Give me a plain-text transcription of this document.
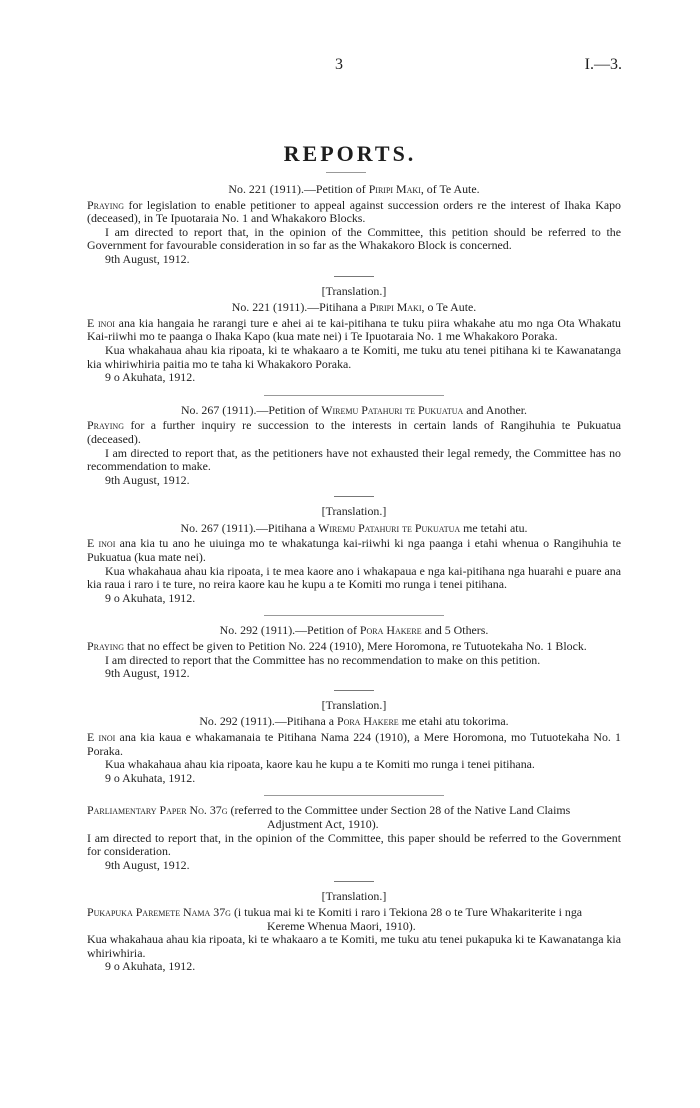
3	I.—3.
REPORTS.

No. 221 (1911).—Petition of Piripi Maki, of Te Aute.

Praying for legislation to enable petitioner to appeal against succession orders re the interest of Ihaka Kapo (deceased), in Te Ipuotaraia No. 1 and Whakakoro Blocks.

I am directed to report that, in the opinion of the Committee, this petition should be referred to the Government for favourable consideration in so far as the Whakakoro Block is concerned.

9th August, 1912.

[Translation.]

No. 221 (1911).—Pitihana a Piripi Maki, o Te Aute.

E inoi ana kia hangaia he rarangi ture e ahei ai te kai-pitihana te tuku piira whakahe atu mo nga Ota Whakatu Kai-riiwhi mo te paanga o Ihaka Kapo (kua mate nei) i Te Ipuotaraia No. 1 me Whakakoro Poraka.

Kua whakahaua ahau kia ripoata, ki te whakaaro a te Komiti, me tuku atu tenei pitihana ki te Kawanatanga kia whiriwhiria paitia mo te taha ki Whakakoro Poraka.

9 o Akuhata, 1912.

No. 267 (1911).—Petition of Wiremu Patahuri te Pukuatua and Another.

Praying for a further inquiry re succession to the interests in certain lands of Rangihuhia te Pukuatua (deceased).

I am directed to report that, as the petitioners have not exhausted their legal remedy, the Committee has no recommendation to make.

9th August, 1912.

[Translation.]

No. 267 (1911).—Pitihana a Wiremu Patahuri te Pukuatua me tetahi atu.

E inoi ana kia tu ano he uiuinga mo te whakatunga kai-riiwhi ki nga paanga i etahi whenua o Rangihuhia te Pukuatua (kua mate nei).

Kua whakahaua ahau kia ripoata, i te mea kaore ano i whakapaua e nga kai-pitihana nga huarahi e puare ana kia raua i raro i te ture, no reira kaore kau he kupu a te Komiti mo runga i tenei pitihana.

9 o Akuhata, 1912.

No. 292 (1911).—Petition of Pora Hakere and 5 Others.

Praying that no effect be given to Petition No. 224 (1910), Mere Horomona, re Tutuotekaha No. 1 Block.

I am directed to report that the Committee has no recommendation to make on this petition.

9th August, 1912.

[Translation.]

No. 292 (1911).—Pitihana a Pora Hakere me etahi atu tokorima.

E inoi ana kia kaua e whakamanaia te Pitihana Nama 224 (1910), a Mere Horomona, mo Tutuotekaha No. 1 Poraka.

Kua whakahaua ahau kia ripoata, kaore kau he kupu a te Komiti mo runga i tenei pitihana.

9 o Akuhata, 1912.

Parliamentary Paper No. 37g (referred to the Committee under Section 28 of the Native Land Claims Adjustment Act, 1910).

I am directed to report that, in the opinion of the Committee, this paper should be referred to the Government for consideration.

9th August, 1912.

[Translation.]

Pukapuka Paremete Nama 37g (i tukua mai ki te Komiti i raro i Tekiona 28 o te Ture Whakariterite i nga Kereme Whenua Maori, 1910).

Kua whakahaua ahau kia ripoata, ki te whakaaro a te Komiti, me tuku atu tenei pukapuka ki te Kawanatanga kia whiriwhiria.

9 o Akuhata, 1912.
